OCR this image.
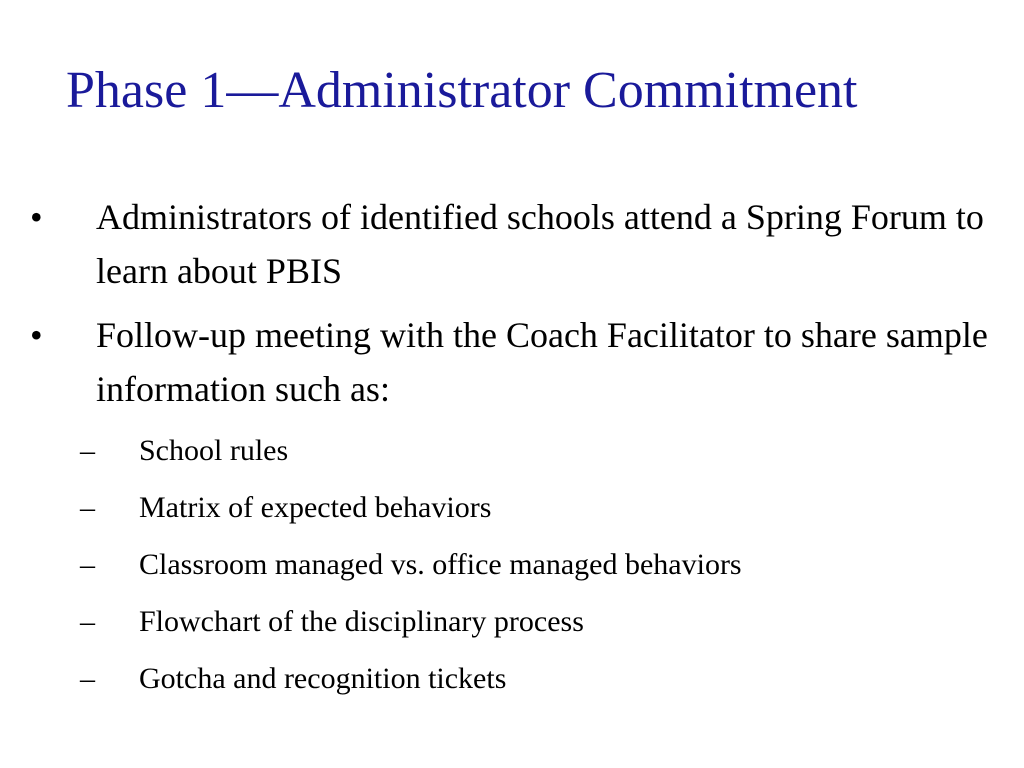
Phase 1—Administrator Commitment
•	Administrators of identified schools attend a Spring Forum to learn about PBIS
•	Follow-up meeting with the Coach Facilitator to share sample information such as:
–	School rules
–	Matrix of expected behaviors
–	Classroom managed vs. office managed behaviors
–	Flowchart of the disciplinary process
–	Gotcha and recognition tickets
